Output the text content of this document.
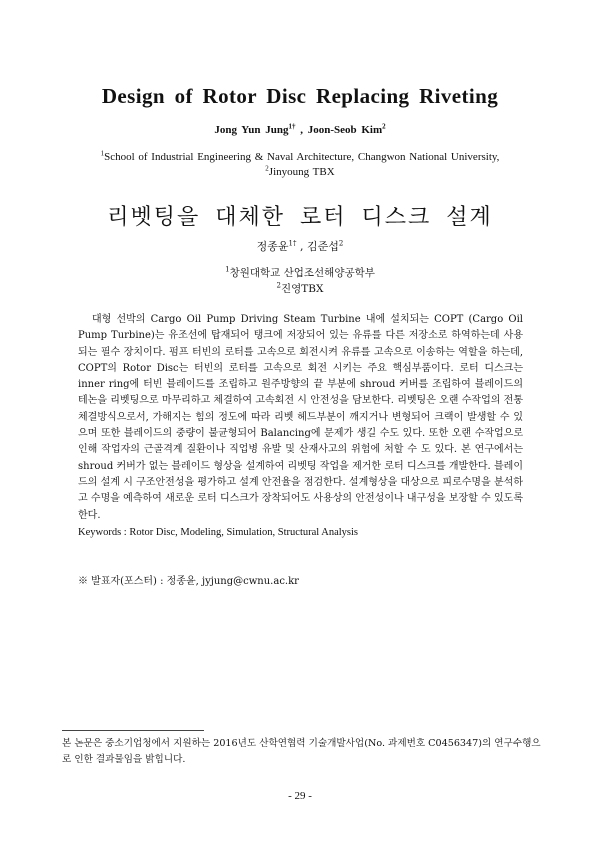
Design of Rotor Disc Replacing Riveting
Jong Yun Jung$^{1\dagger}$ , Joon-Seob Kim$^2$
$^1$School of Industrial Engineering & Naval Architecture, Changwon National University,
$^2$Jinyoung TBX
리벳팅을 대체한 로터 디스크 설계
정종윤$^{1\dagger}$ , 김준섭$^2$
$^1$창원대학교 산업조선해양공학부
$^2$진영TBX

대형 선박의 Cargo Oil Pump Driving Steam Turbine 내에 설치되는 COPT (Cargo Oil Pump Turbine)는 유조선에 탑재되어 탱크에 저장되어 있는 유류를 다른 저장소로 하역하는데 사용되는 필수 장치이다. 펌프 터빈의 로터를 고속으로 회전시켜 유류를 고속으로 이송하는 역할을 하는데, COPT의 Rotor Disc는 터빈의 로터를 고속으로 회전 시키는 주요 핵심부품이다. 로터 디스크는 inner ring에 터빈 블레이드를 조립하고 원주방향의 끝 부분에 shroud 커버를 조립하여 블레이드의 테논을 리벳팅으로 마무리하고 체결하여 고속회전 시 안전성을 담보한다. 리벳팅은 오랜 수작업의 전통 체결방식으로서, 가해지는 힘의 정도에 따라 리벳 헤드부분이 깨지거나 변형되어 크랙이 발생할 수 있으며 또한 블레이드의 중량이 불균형되어 Balancing에 문제가 생길 수도 있다. 또한 오랜 수작업으로 인해 작업자의 근골격계 질환이나 직업병 유발 및 산재사고의 위험에 처할 수 도 있다. 본 연구에서는 shroud 커버가 없는 블레이드 형상을 설계하여 리벳팅 작업을 제거한 로터 디스크를 개발한다. 블레이드의 설계 시 구조안전성을 평가하고 설계 안전율을 점검한다. 설계형상을 대상으로 피로수명을 분석하고 수명을 예측하여 새로운 로터 디스크가 장착되어도 사용상의 안전성이나 내구성을 보장할 수 있도록 한다.

Keywords : Rotor Disc, Modeling, Simulation, Structural Analysis
※ 발표자(포스터) : 정종윤, jyjung@cwnu.ac.kr

본 논문은 중소기업청에서 지원하는 2016년도 산학연협력 기술개발사업(No. 과제번호 C0456347)의 연구수행으로 인한 결과물임을 밝힙니다.

- 29 -
